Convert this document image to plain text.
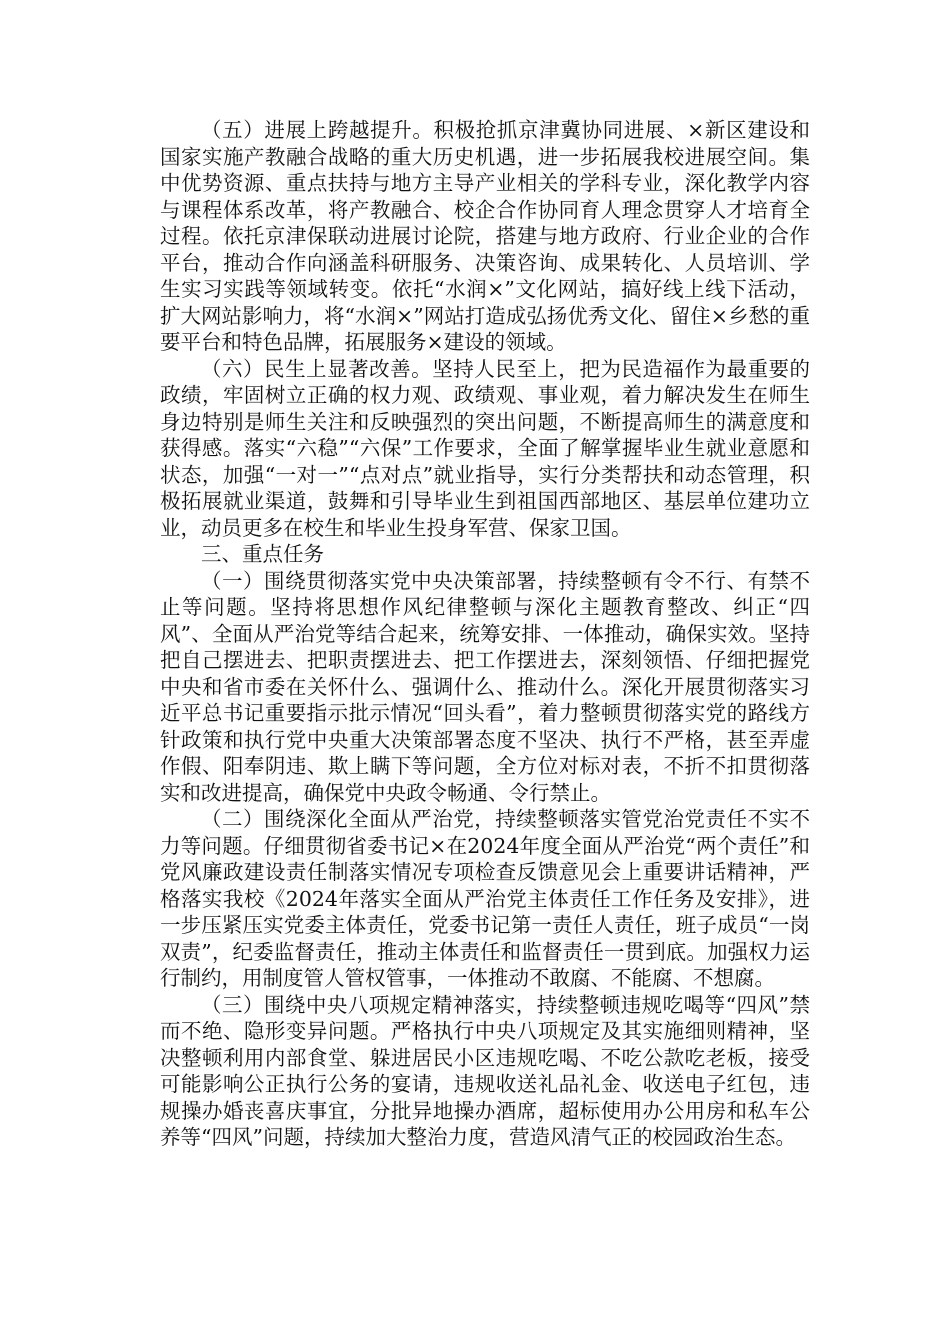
（五）进展上跨越提升。积极抢抓京津冀协同进展、×新区建设和国家实施产教融合战略的重大历史机遇，进一步拓展我校进展空间。集中优势资源、重点扶持与地方主导产业相关的学科专业，深化教学内容与课程体系改革，将产教融合、校企合作协同育人理念贯穿人才培育全过程。依托京津保联动进展讨论院，搭建与地方政府、行业企业的合作平台，推动合作向涵盖科研服务、决策咨询、成果转化、人员培训、学生实习实践等领域转变。依托“水润×”文化网站，搞好线上线下活动，扩大网站影响力，将“水润×”网站打造成弘扬优秀文化、留住×乡愁的重要平台和特色品牌，拓展服务×建设的领域。

（六）民生上显著改善。坚持人民至上，把为民造福作为最重要的政绩，牢固树立正确的权力观、政绩观、事业观，着力解决发生在师生身边特别是师生关注和反映强烈的突出问题，不断提高师生的满意度和获得感。落实“六稳”“六保”工作要求，全面了解掌握毕业生就业意愿和状态，加强“一对一”“点对点”就业指导，实行分类帮扶和动态管理，积极拓展就业渠道，鼓舞和引导毕业生到祖国西部地区、基层单位建功立业，动员更多在校生和毕业生投身军营、保家卫国。

三、重点任务

（一）围绕贯彻落实党中央决策部署，持续整顿有令不行、有禁不止等问题。坚持将思想作风纪律整顿与深化主题教育整改、纠正“四风”、全面从严治党等结合起来，统筹安排、一体推动，确保实效。坚持把自己摆进去、把职责摆进去、把工作摆进去，深刻领悟、仔细把握党中央和省市委在关怀什么、强调什么、推动什么。深化开展贯彻落实习近平总书记重要指示批示情况“回头看”，着力整顿贯彻落实党的路线方针政策和执行党中央重大决策部署态度不坚决、执行不严格，甚至弄虚作假、阳奉阴违、欺上瞒下等问题，全方位对标对表，不折不扣贯彻落实和改进提高，确保党中央政令畅通、令行禁止。

（二）围绕深化全面从严治党，持续整顿落实管党治党责任不实不力等问题。仔细贯彻省委书记×在2024年度全面从严治党“两个责任”和党风廉政建设责任制落实情况专项检查反馈意见会上重要讲话精神，严格落实我校《2024年落实全面从严治党主体责任工作任务及安排》，进一步压紧压实党委主体责任，党委书记第一责任人责任，班子成员“一岗双责”，纪委监督责任，推动主体责任和监督责任一贯到底。加强权力运行制约，用制度管人管权管事，一体推动不敢腐、不能腐、不想腐。

（三）围绕中央八项规定精神落实，持续整顿违规吃喝等“四风”禁而不绝、隐形变异问题。严格执行中央八项规定及其实施细则精神，坚决整顿利用内部食堂、躲进居民小区违规吃喝、不吃公款吃老板，接受可能影响公正执行公务的宴请，违规收送礼品礼金、收送电子红包，违规操办婚丧喜庆事宜，分批异地操办酒席，超标使用办公用房和私车公养等“四风”问题，持续加大整治力度，营造风清气正的校园政治生态。
